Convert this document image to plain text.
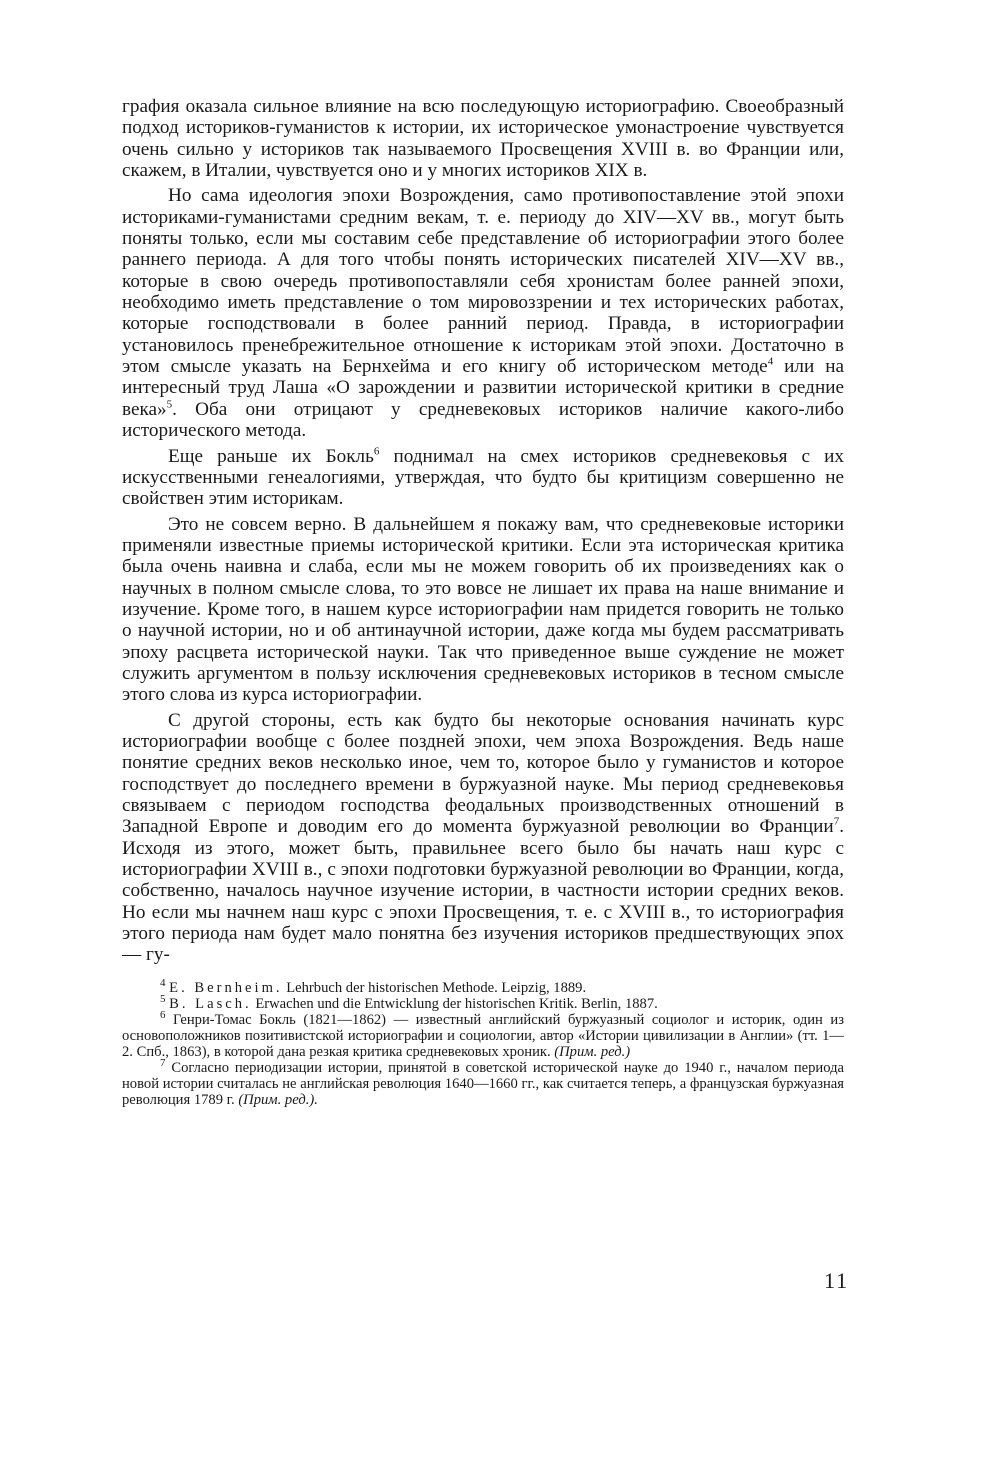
графия оказала сильное влияние на всю последующую историографию. Своеобразный подход историков-гуманистов к истории, их историческое умонастроение чувствуется очень сильно у историков так называемого Просвещения XVIII в. во Франции или, скажем, в Италии, чувствуется оно и у многих историков XIX в.

Но сама идеология эпохи Возрождения, само противопоставление этой эпохи историками-гуманистами средним векам, т. е. периоду до XIV—XV вв., могут быть поняты только, если мы составим себе представление об историографии этого более раннего периода. А для того чтобы понять исторических писателей XIV—XV вв., которые в свою очередь противопоставляли себя хронистам более ранней эпохи, необходимо иметь представление о том мировоззрении и тех исторических работах, которые господствовали в более ранний период. Правда, в историографии установилось пренебрежительное отношение к историкам этой эпохи. Достаточно в этом смысле указать на Бернхейма и его книгу об историческом методе$^4$ или на интересный труд Лаша «О зарождении и развитии исторической критики в средние века»$^5$. Оба они отрицают у средневековых историков наличие какого-либо исторического метода.

Еще раньше их Бокль$^6$ поднимал на смех историков средневековья с их искусственными генеалогиями, утверждая, что будто бы критицизм совершенно не свойствен этим историкам.

Это не совсем верно. В дальнейшем я покажу вам, что средневековые историки применяли известные приемы исторической критики. Если эта историческая критика была очень наивна и слаба, если мы не можем говорить об их произведениях как о научных в полном смысле слова, то это вовсе не лишает их права на наше внимание и изучение. Кроме того, в нашем курсе историографии нам придется говорить не только о научной истории, но и об антинаучной истории, даже когда мы будем рассматривать эпоху расцвета исторической науки. Так что приведенное выше суждение не может служить аргументом в пользу исключения средневековых историков в тесном смысле этого слова из курса историографии.

С другой стороны, есть как будто бы некоторые основания начинать курс историографии вообще с более поздней эпохи, чем эпоха Возрождения. Ведь наше понятие средних веков несколько иное, чем то, которое было у гуманистов и которое господствует до последнего времени в буржуазной науке. Мы период средневековья связываем с периодом господства феодальных производственных отношений в Западной Европе и доводим его до момента буржуазной революции во Франции$^7$. Исходя из этого, может быть, правильнее всего было бы начать наш курс с историографии XVIII в., с эпохи подготовки буржуазной революции во Франции, когда, собственно, началось научное изучение истории, в частности истории средних веков. Но если мы начнем наш курс с эпохи Просвещения, т. е. с XVIII в., то историография этого периода нам будет мало понятна без изучения историков предшествующих эпох — гу-

$^4$ E. Bernheim. Lehrbuch der historischen Methode. Leipzig, 1889.

$^5$ B. Lasch. Erwachen und die Entwicklung der historischen Kritik. Berlin, 1887.

$^6$ Генри-Томас Бокль (1821—1862) — известный английский буржуазный социолог и историк, один из основоположников позитивистской историографии и социологии, автор «Истории цивилизации в Англии» (тт. 1—2. Спб., 1863), в которой дана резкая критика средневековых хроник. (Прим. ред.)

$^7$ Согласно периодизации истории, принятой в советской исторической науке до 1940 г., началом периода новой истории считалась не английская революция 1640—1660 гг., как считается теперь, а французская буржуазная революция 1789 г. (Прим. ред.).

11
